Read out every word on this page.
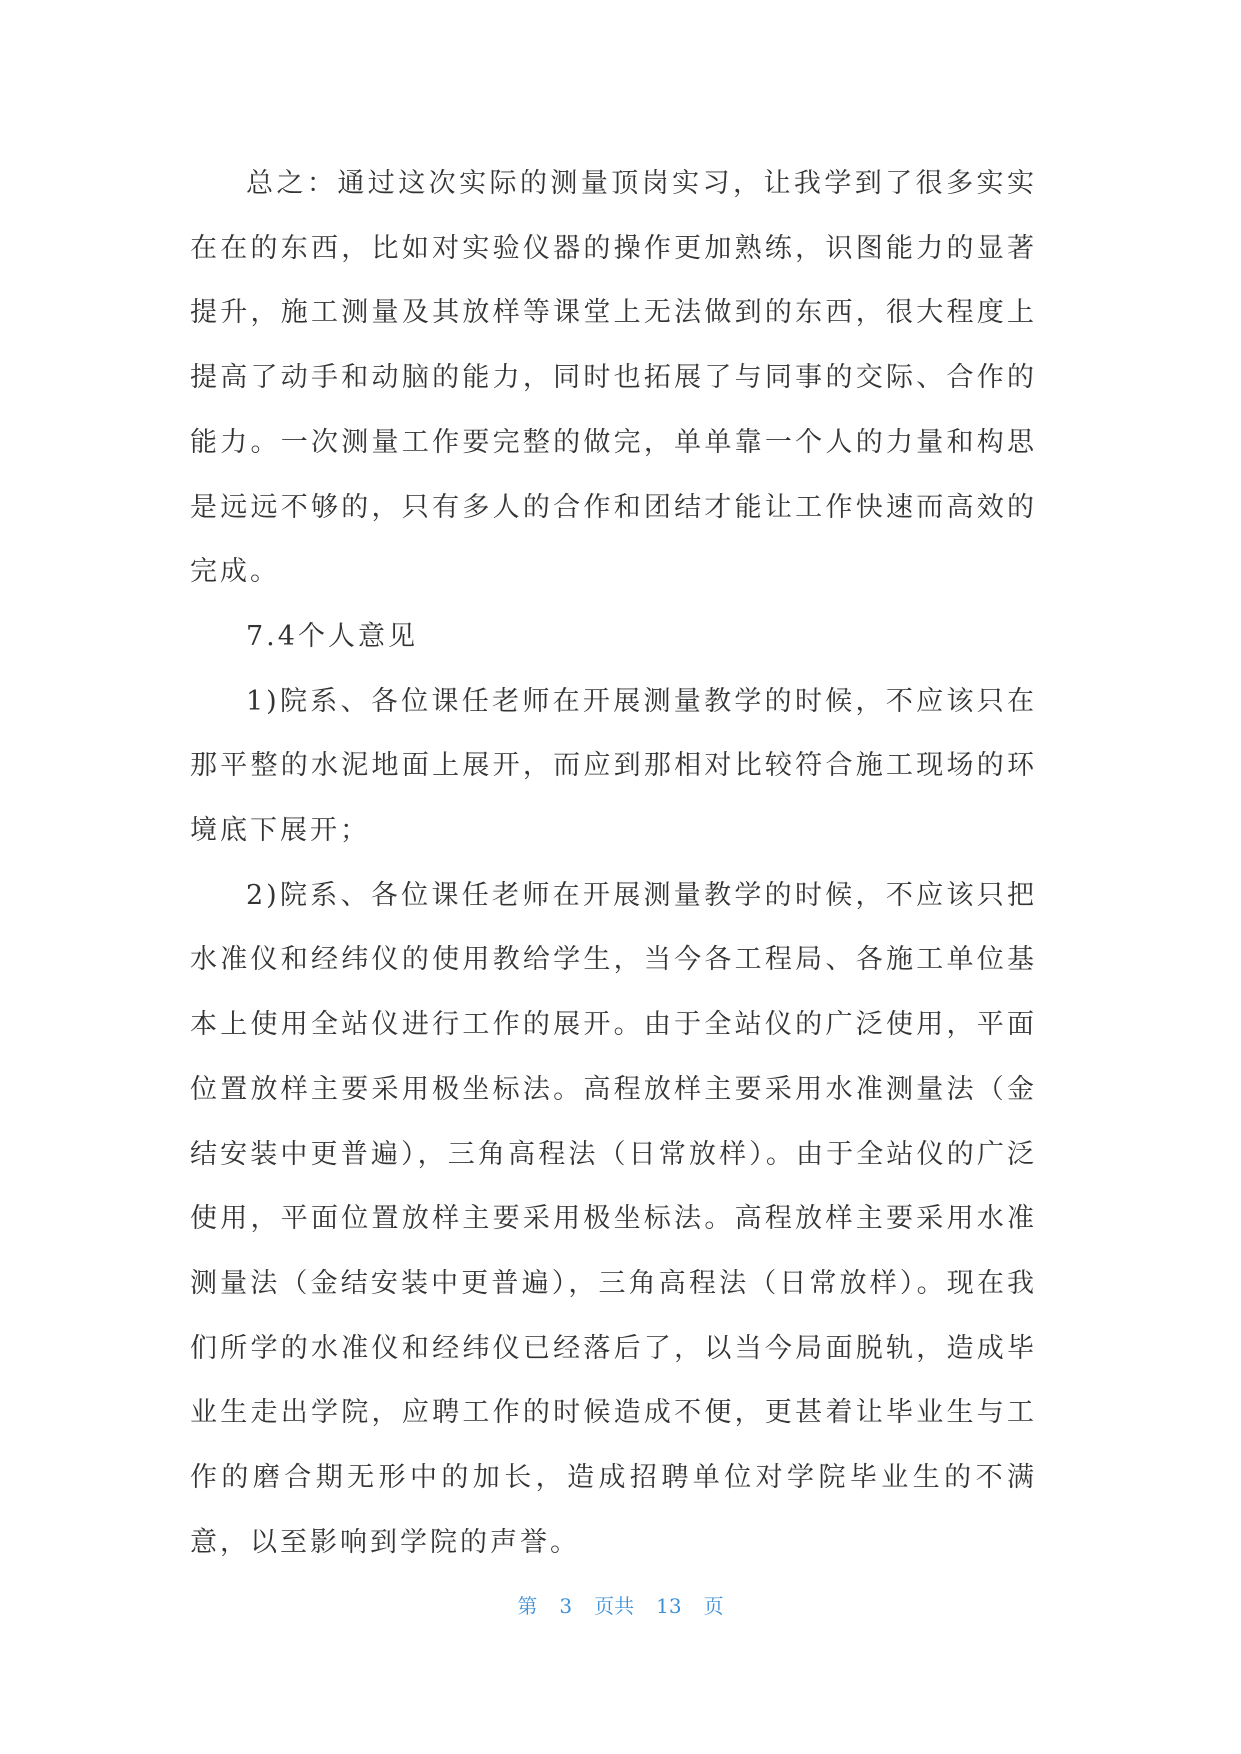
总之：通过这次实际的测量顶岗实习，让我学到了很多实实在在的东西，比如对实验仪器的操作更加熟练，识图能力的显著提升，施工测量及其放样等课堂上无法做到的东西，很大程度上提高了动手和动脑的能力，同时也拓展了与同事的交际、合作的能力。一次测量工作要完整的做完，单单靠一个人的力量和构思是远远不够的，只有多人的合作和团结才能让工作快速而高效的完成。

7.4个人意见

1)院系、各位课任老师在开展测量教学的时候，不应该只在那平整的水泥地面上展开，而应到那相对比较符合施工现场的环境底下展开；

2)院系、各位课任老师在开展测量教学的时候，不应该只把水准仪和经纬仪的使用教给学生，当今各工程局、各施工单位基本上使用全站仪进行工作的展开。由于全站仪的广泛使用，平面位置放样主要采用极坐标法。高程放样主要采用水准测量法（金结安装中更普遍），三角高程法（日常放样）。由于全站仪的广泛使用，平面位置放样主要采用极坐标法。高程放样主要采用水准测量法（金结安装中更普遍），三角高程法（日常放样）。现在我们所学的水准仪和经纬仪已经落后了，以当今局面脱轨，造成毕业生走出学院，应聘工作的时候造成不便，更甚着让毕业生与工作的磨合期无形中的加长，造成招聘单位对学院毕业生的不满意，以至影响到学院的声誉。

第 3 页共 13 页
